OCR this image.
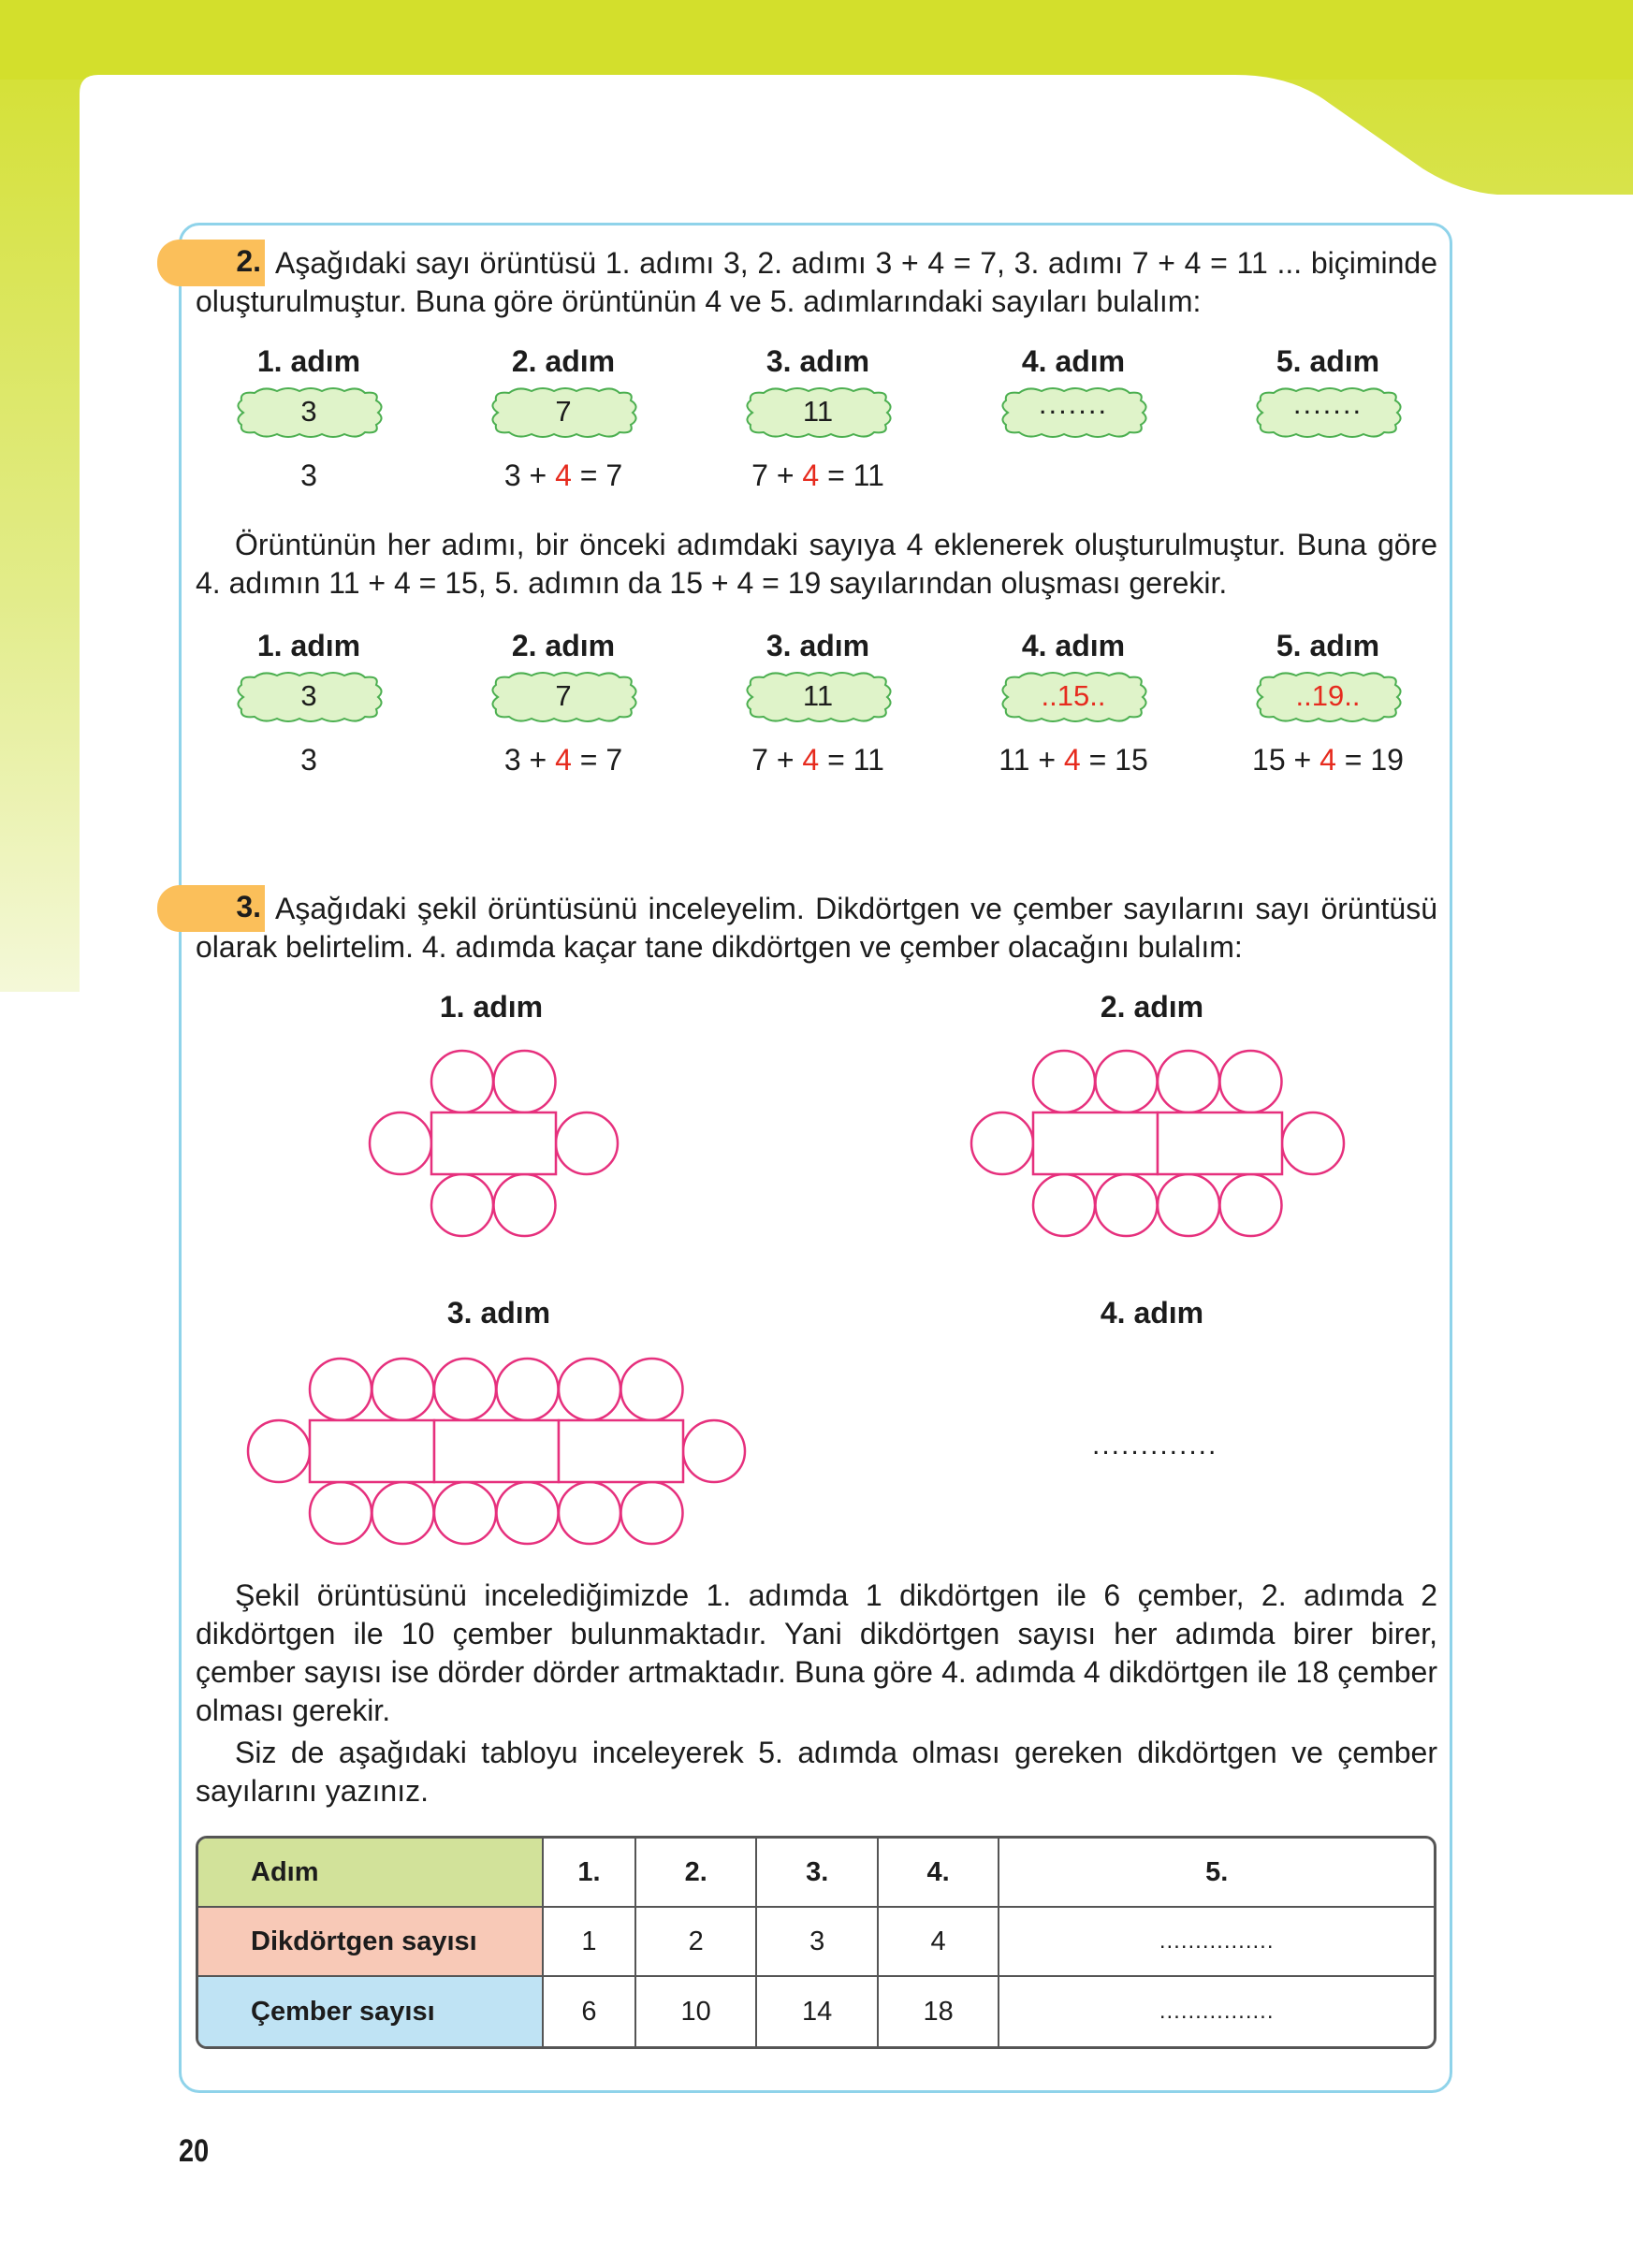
2. Aşağıdaki sayı örüntüsü 1. adımı 3, 2. adımı 3 + 4 = 7, 3. adımı 7 + 4 = 11 ... biçiminde oluşturulmuştur. Buna göre örüntünün 4 ve 5. adımlarındaki sayıları bulalım:
1. adım
3
3
2. adım
7
3 + 4 = 7
3. adım
11
7 + 4 = 11
4. adım
.......
5. adım
.......
Örüntünün her adımı, bir önceki adımdaki sayıya 4 eklenerek oluşturulmuştur. Buna göre 4. adımın 11 + 4 = 15, 5. adımın da 15 + 4 = 19 sayılarından oluşması gerekir.
1. adım
3
3
2. adım
7
3 + 4 = 7
3. adım
11
7 + 4 = 11
4. adım
..15..
11 + 4 = 15
5. adım
..19..
15 + 4 = 19
3. Aşağıdaki şekil örüntüsünü inceleyelim. Dikdörtgen ve çember sayılarını sayı örüntüsü olarak belirtelim. 4. adımda kaçar tane dikdörtgen ve çember olacağını bulalım:
1. adım	2. adım
3. adım	4. adım
.............
Şekil örüntüsünü incelediğimizde 1. adımda 1 dikdörtgen ile 6 çember, 2. adımda 2 dikdörtgen ile 10 çember bulunmaktadır. Yani dikdörtgen sayısı her adımda birer birer, çember sayısı ise dörder dörder artmaktadır. Buna göre 4. adımda 4 dikdörtgen ile 18 çember olması gerekir.
Siz de aşağıdaki tabloyu inceleyerek 5. adımda olması gereken dikdörtgen ve çember sayılarını yazınız.
Adım	1.	2.	3.	4.	5.
Dikdörtgen sayısı	1	2	3	4	................
Çember sayısı	6	10	14	18	................
20
